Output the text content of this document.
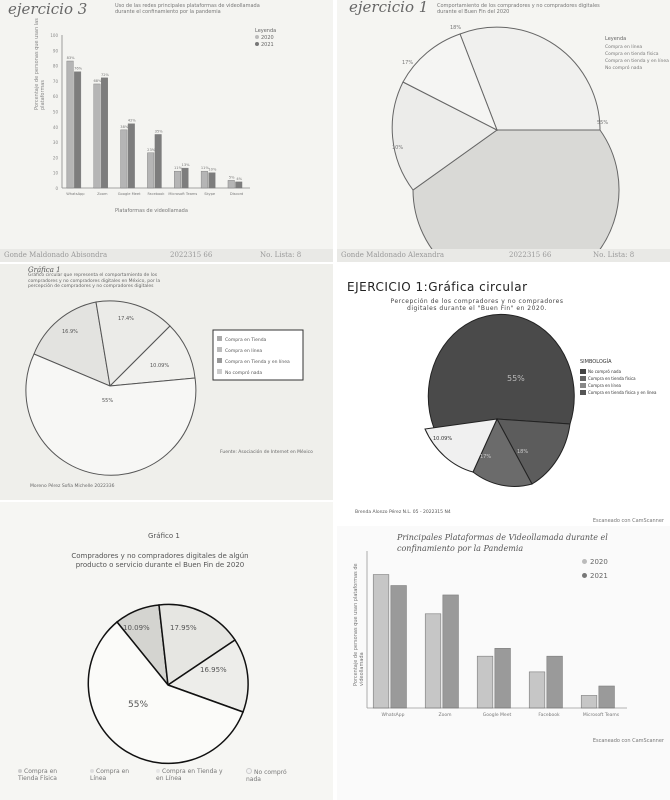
ejercicio 3	Uso de las redes principales plataformas de videollamada durante el confinamiento por la pandemia
Leyenda
2020
2021
Porcentaje de personas que usan las plataformas
Plataformas de videollamada
0
10
20
30
40
50
60
70
80
90
100
83%
76%
WhatsApp
68%
72%
Zoom
38%
42%
Google Meet
23%
35%
Facebook
11%
13%
Microsoft Teams
11% 10%
Skype
5% 4%
Discord
Gonde Maldonado Abisondra	2022315 66	No. Lista: 8
ejercicio 1 Comportamiento de los compradores y no compradores digitales durante el Buen Fin del 2020
18%
55%
10%
17%
Leyenda
Compra en línea
Compra en tienda física
Compra en tienda y en línea
No compró nada
Gonde Maldonado Alexandra	2022315 66	No. Lista: 8
Gráfica 1
Gráfico circular que representa el comportamiento de los compradores y no compradores digitales en México, por la percepción de compradores y no compradores digitales
16.9%
17.4%
10.09%
55%
Compra en Tienda
Compra en línea
Compra en Tienda y en línea
No compró nada
Fuente: Asociación de Internet en México
Moreno Pérez Sofía Michelle 2022336
EJERCICIO 1:Gráfica circular
Percepción de los compradores y no compradores digitales durante el "Buen Fin" en 2020.
55%
10.09%
17%
18%
SIMBOLOGÍA
No compró nada
Compra en tienda física
Compra en línea
Compra en tienda física y en línea
Brenda Alonzo Pérez N.L. 05 - 2022315 N4
Escaneado con CamScanner
Gráfico 1
Compradores y no compradores digitales de algún producto o servicio durante el Buen Fin de 2020
10.09%	17.95%
16.95%
55%
Compra en Tienda Física
Compra en Línea
Compra en Tienda y en Línea
No compró nada
Principales Plataformas de Videollamada durante el confinamiento por la Pandemia
2020
2021
Porcentaje de personas que usan plataformas de videollamada
WhatsApp	Zoom	Google Meet	Facebook	Microsoft Teams
Escaneado con CamScanner
